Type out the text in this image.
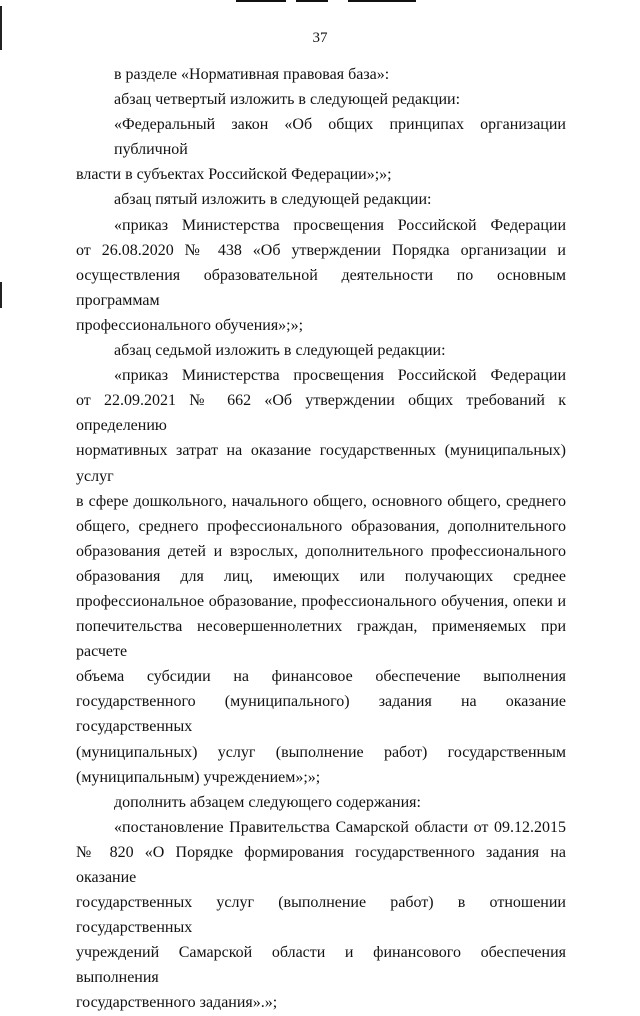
37

в разделе «Нормативная правовая база»:

абзац четвертый изложить в следующей редакции:

«Федеральный закон «Об общих принципах организации публичной
власти в субъектах Российской Федерации»;»;

абзац пятый изложить в следующей редакции:

«приказ Министерства просвещения Российской Федерации
от 26.08.2020 № 438 «Об утверждении Порядка организации и
осуществления образовательной деятельности по основным программам
профессионального обучения»;»;

абзац седьмой изложить в следующей редакции:

«приказ Министерства просвещения Российской Федерации
от 22.09.2021 № 662 «Об утверждении общих требований к определению
нормативных затрат на оказание государственных (муниципальных) услуг
в сфере дошкольного, начального общего, основного общего, среднего
общего, среднего профессионального образования, дополнительного
образования детей и взрослых, дополнительного профессионального
образования для лиц, имеющих или получающих среднее
профессиональное образование, профессионального обучения, опеки и
попечительства несовершеннолетних граждан, применяемых при расчете
объема субсидии на финансовое обеспечение выполнения
государственного (муниципального) задания на оказание государственных
(муниципальных) услуг (выполнение работ) государственным
(муниципальным) учреждением»;»;

дополнить абзацем следующего содержания:

«постановление Правительства Самарской области от 09.12.2015
№ 820 «О Порядке формирования государственного задания на оказание
государственных услуг (выполнение работ) в отношении государственных
учреждений Самарской области и финансового обеспечения выполнения
государственного задания».»;
